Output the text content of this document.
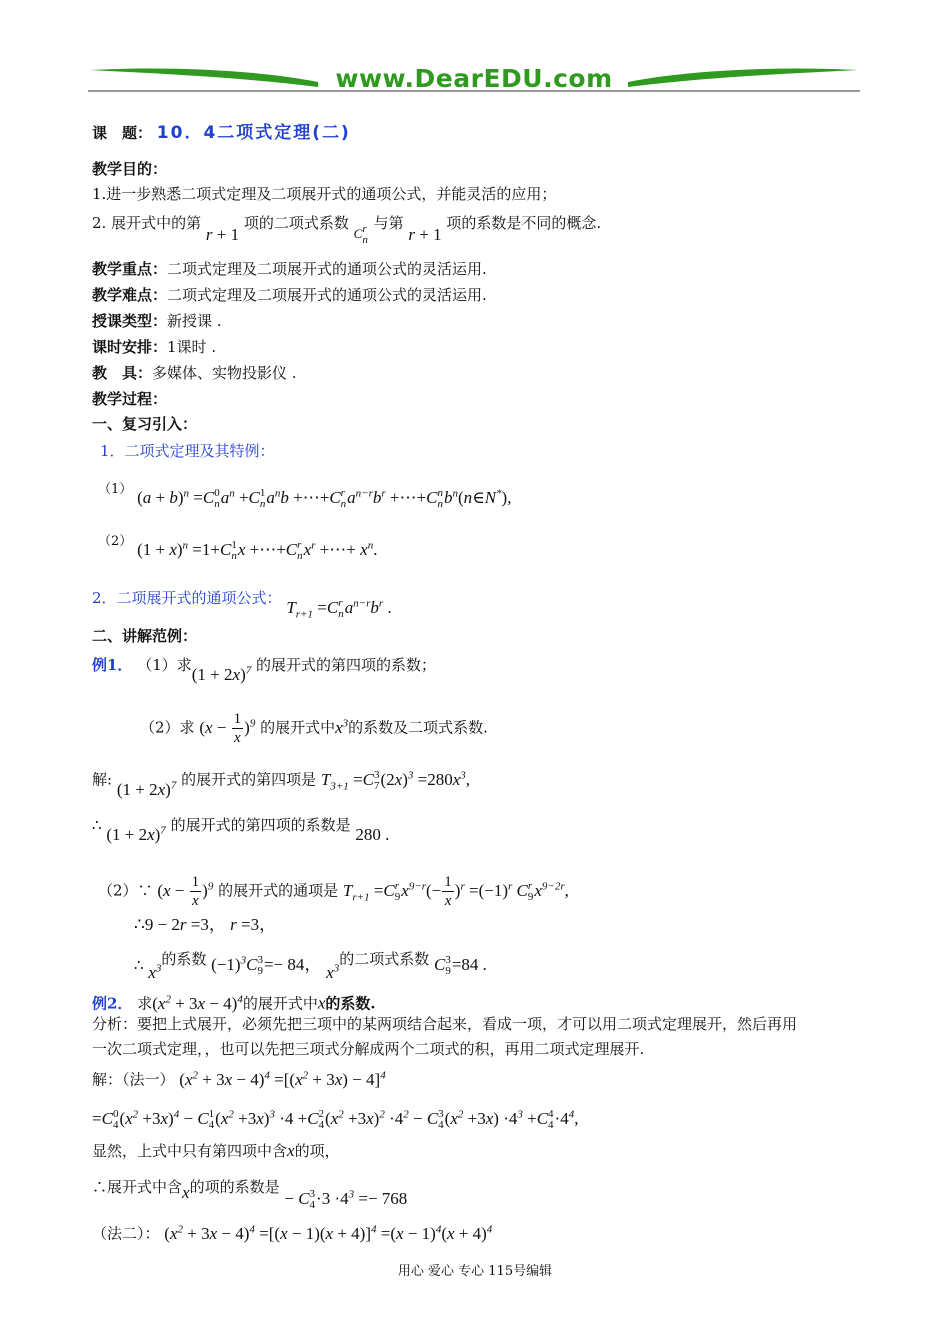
www.DearEDU.com
课　题： 10．4二项式定理(二)
教学目的：
1.进一步熟悉二项式定理及二项展开式的通项公式，并能灵活的应用；
2. 展开式中的第 r + 1 项的二项式系数 C r
n
与第 r + 1 项的系数是不同的概念.
教学重点：二项式定理及二项展开式的通项公式的灵活运用.
教学难点：二项式定理及二项展开式的通项公式的灵活运用.
授课类型：新授课 .
课时安排：1课时 .
教　具：多媒体、实物投影仪 .
教学过程：
一、复习引入：
1．二项式定理及其特例：
（1） $(a + b)^n =C$ 0
n $a^n +C$ 1
n $a^nb$ +⋯+C r
n $a^{n-r}b^r$ +⋯+C n
n $b^n(n\in N^*)$,
（2） $(1 + x)^n =1+C$ 1
n x +⋯+C r
n $x^r$ +⋯+ $x^n$.
2．二项展开式的通项公式： $T_{r+1} =C$ r
n $a^{n-r}b^r$ .
二、讲解范例：
例1． （1）求$(1 + 2x)^7$ 的展开式的第四项的系数；
（2）求 $(x - \frac{1}{x} )^9$ 的展开式中$x^3$的系数及二项式系数.
解: $(1 + 2x)^7$ 的展开式的第四项是 $T_{3+1} =C$ 3
7 $(2x)^3 =280x^3$,
∴ $(1 + 2x)^7$ 的展开式的第四项的系数是 280 .
（2）∵ $(x - \frac{1}{x} )^9$ 的展开式的通项是 $T_{r+1} =C$ r
9 $x^{9-r}(- \frac{1}{x} )^r =(-1)^r$ C r
9 $x^{9-2r}$,
∴9 − 2r =3， r =3，
∴ $x^3$的系数 $(-1)^3C$ 3
9 =− 84， $x^3$的二项式系数 C 3
9 =84 .
例2． 求$(x^2 + 3x - 4)^4$的展开式中x的系数.
分析：要把上式展开，必须先把三项中的某两项结合起来，看成一项，才可以用二项式定理展开，然后再用
一次二项式定理，，也可以先把三项式分解成两个二项式的积，再用二项式定理展开.
解：（法一） $(x^2 + 3x - 4)^4 =[(x^2 + 3x) - 4]^4$
=C 0
4 $(x^2 +3x)^4 - C$ 1
4 $(x^2 +3x)^3 \cdot 4 +C$ 2
4 $(x^2 +3x)^2 \cdot 4^2 - C$ 3
4 $(x^2 +3x) \cdot 4^3 +C$ 4
$4 \cdot 4^4$,
显然，上式中只有第四项中含x的项，
∴展开式中含x的项的系数是 − C 3
$4 \cdot 3 \cdot 4^3 =- 768$
（法二）： $(x^2 + 3x - 4)^4 =[(x - 1)(x + 4)]^4 =(x - 1)^4(x + 4)^4$
用心 爱心 专心 115号编辑
